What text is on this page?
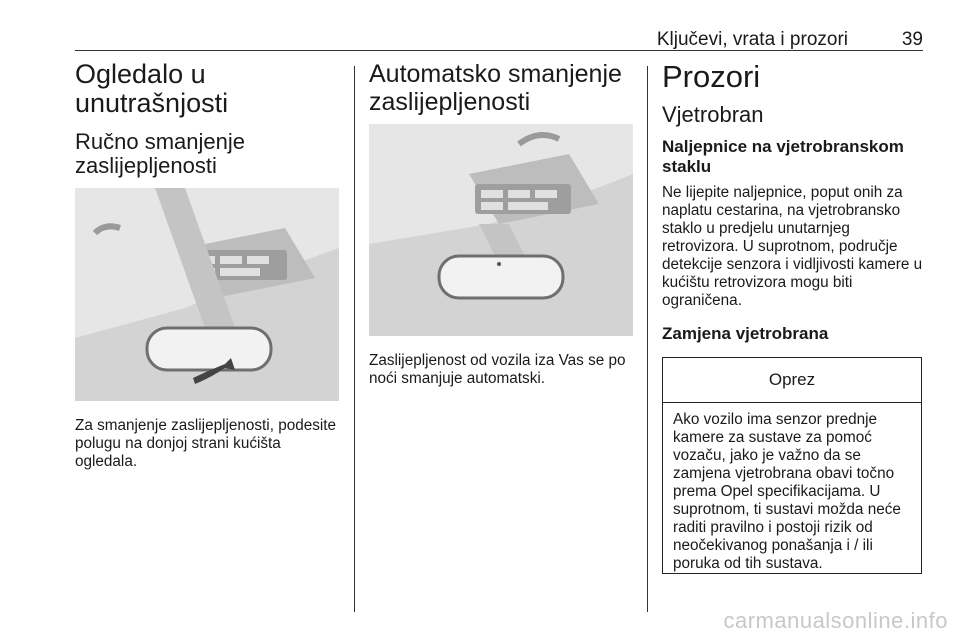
Ključevi, vrata i prozori	39
Ogledalo u unutrašnjosti
Ručno smanjenje zaslijepljenosti

Za smanjenje zaslijepljenosti, podesite polugu na donjoj strani kućišta ogledala.

Automatsko smanjenje zaslijepljenosti

Zaslijepljenost od vozila iza Vas se po noći smanjuje automatski.

Prozori
Vjetrobran
Naljepnice na vjetrobranskom staklu

Ne lijepite naljepnice, poput onih za naplatu cestarina, na vjetrobransko staklo u predjelu unutarnjeg retrovizora. U suprotnom, područje detekcije senzora i vidljivosti kamere u kućištu retrovizora mogu biti ograničena.

Zamjena vjetrobrana
Oprez

Ako vozilo ima senzor prednje kamere za sustave za pomoć vozaču, jako je važno da se zamjena vjetrobrana obavi točno prema Opel specifikacijama. U suprotnom, ti sustavi možda neće raditi pravilno i postoji rizik od neočekivanog ponašanja i / ili poruka od tih sustava.

carmanualsonline.info
